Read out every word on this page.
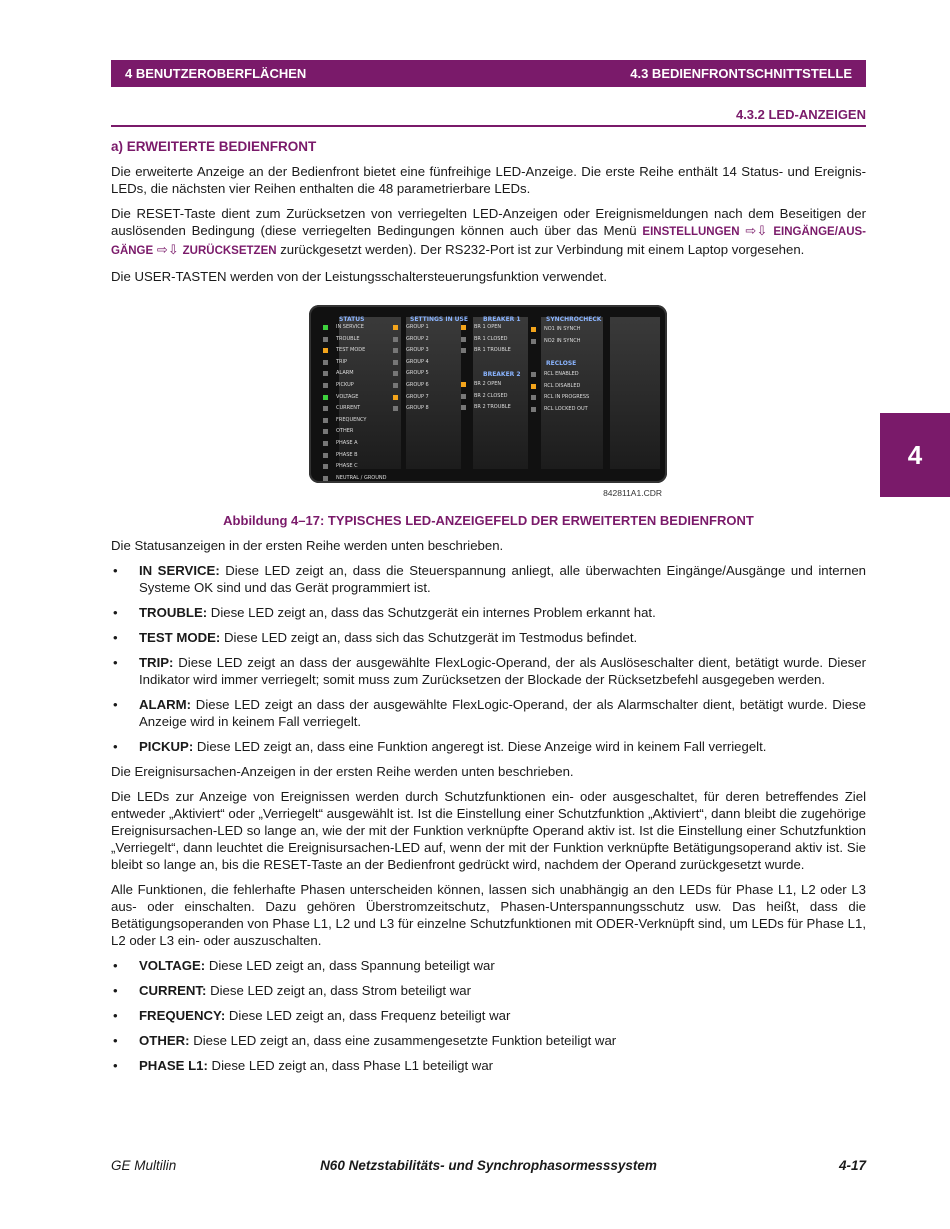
4 BENUTZEROBERFLÄCHEN	4.3 BEDIENFRONTSCHNITTSTELLE
4.3.2 LED-ANZEIGEN
4
a) ERWEITERTE BEDIENFRONT

Die erweiterte Anzeige an der Bedienfront bietet eine fünfreihige LED-Anzeige. Die erste Reihe enthält 14 Status- und Ereignis-LEDs, die nächsten vier Reihen enthalten die 48 parametrierbare LEDs.

Die RESET-Taste dient zum Zurücksetzen von verriegelten LED-Anzeigen oder Ereignismeldungen nach dem Beseitigen der auslösenden Bedingung (diese verriegelten Bedingungen können auch über das Menü EINSTELLUNGEN ⇨⇩ EINGÄNGE/AUS-GÄNGE ⇨⇩ ZURÜCKSETZEN zurückgesetzt werden). Der RS232-Port ist zur Verbindung mit einem Laptop vorgesehen.

Die USER-TASTEN werden von der Leistungsschaltersteuerungsfunktion verwendet.

STATUS	SETTINGS IN USE	BREAKER 1
BREAKER 2
SYNCHROCHECK
RECLOSE
IN SERVICE
TROUBLE
TEST MODE
TRIP
ALARM
PICKUP
VOLTAGE
CURRENT
FREQUENCY
OTHER
PHASE A
PHASE B
PHASE C
NEUTRAL / GROUND
GROUP 1
GROUP 2
GROUP 3
GROUP 4
GROUP 5
GROUP 6
GROUP 7
GROUP 8
BR 1 OPEN
BR 1 CLOSED
BR 1 TROUBLE
BR 2 OPEN
BR 2 CLOSED
BR 2 TROUBLE
NO1 IN SYNCH
NO2 IN SYNCH
RCL ENABLED
RCL DISABLED
RCL IN PROGRESS
RCL LOCKED OUT
842811A1.CDR
Abbildung 4–17: TYPISCHES LED-ANZEIGEFELD DER ERWEITERTEN BEDIENFRONT

Die Statusanzeigen in der ersten Reihe werden unten beschrieben.

• IN SERVICE: Diese LED zeigt an, dass die Steuerspannung anliegt, alle überwachten Eingänge/Ausgänge und internen Systeme OK sind und das Gerät programmiert ist.
• TROUBLE: Diese LED zeigt an, dass das Schutzgerät ein internes Problem erkannt hat.
• TEST MODE: Diese LED zeigt an, dass sich das Schutzgerät im Testmodus befindet.
• TRIP: Diese LED zeigt an dass der ausgewählte FlexLogic-Operand, der als Auslöseschalter dient, betätigt wurde. Dieser Indikator wird immer verriegelt; somit muss zum Zurücksetzen der Blockade der Rücksetzbefehl ausgegeben werden.
• ALARM: Diese LED zeigt an dass der ausgewählte FlexLogic-Operand, der als Alarmschalter dient, betätigt wurde. Diese Anzeige wird in keinem Fall verriegelt.
• PICKUP: Diese LED zeigt an, dass eine Funktion angeregt ist. Diese Anzeige wird in keinem Fall verriegelt.

Die Ereignisursachen-Anzeigen in der ersten Reihe werden unten beschrieben.

Die LEDs zur Anzeige von Ereignissen werden durch Schutzfunktionen ein- oder ausgeschaltet, für deren betreffendes Ziel entweder „Aktiviert“ oder „Verriegelt“ ausgewählt ist. Ist die Einstellung einer Schutzfunktion „Aktiviert“, dann bleibt die zugehörige Ereignisursachen-LED so lange an, wie der mit der Funktion verknüpfte Operand aktiv ist. Ist die Einstellung einer Schutzfunktion „Verriegelt“, dann leuchtet die Ereignisursachen-LED auf, wenn der mit der Funktion verknüpfte Betätigungsoperand aktiv ist. Sie bleibt so lange an, bis die RESET-Taste an der Bedienfront gedrückt wird, nachdem der Operand zurückgesetzt wurde.

Alle Funktionen, die fehlerhafte Phasen unterscheiden können, lassen sich unabhängig an den LEDs für Phase L1, L2 oder L3 aus- oder einschalten. Dazu gehören Überstromzeitschutz, Phasen-Unterspannungsschutz usw. Das heißt, dass die Betätigungsoperanden von Phase L1, L2 und L3 für einzelne Schutzfunktionen mit ODER-Verknüpft sind, um LEDs für Phase L1, L2 oder L3 ein- oder auszuschalten.

• VOLTAGE: Diese LED zeigt an, dass Spannung beteiligt war
• CURRENT: Diese LED zeigt an, dass Strom beteiligt war
• FREQUENCY: Diese LED zeigt an, dass Frequenz beteiligt war
• OTHER: Diese LED zeigt an, dass eine zusammengesetzte Funktion beteiligt war
• PHASE L1: Diese LED zeigt an, dass Phase L1 beteiligt war
GE Multilin	N60 Netzstabilitäts- und Synchrophasormesssystem	4-17
